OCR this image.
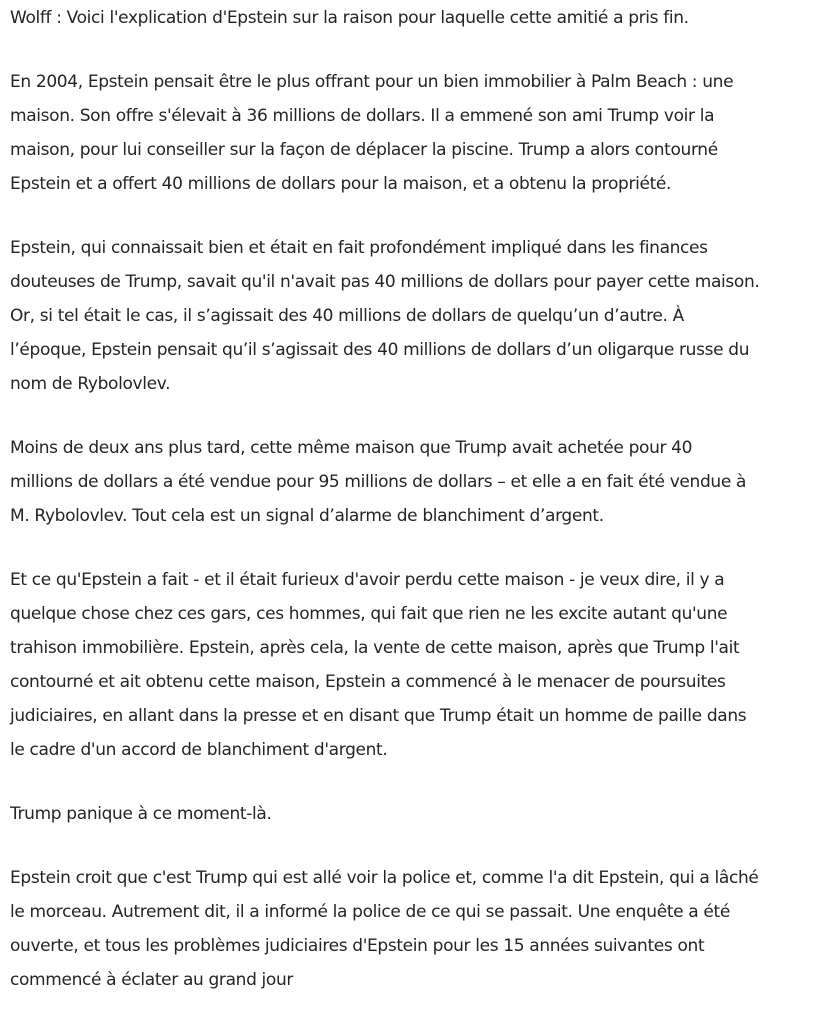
Wolff : Voici l'explication d'Epstein sur la raison pour laquelle cette amitié a pris fin.
En 2004, Epstein pensait être le plus offrant pour un bien immobilier à Palm Beach : une
maison. Son offre s'élevait à 36 millions de dollars. Il a emmené son ami Trump voir la
maison, pour lui conseiller sur la façon de déplacer la piscine. Trump a alors contourné
Epstein et a offert 40 millions de dollars pour la maison, et a obtenu la propriété.
Epstein, qui connaissait bien et était en fait profondément impliqué dans les finances
douteuses de Trump, savait qu'il n'avait pas 40 millions de dollars pour payer cette maison.
Or, si tel était le cas, il s’agissait des 40 millions de dollars de quelqu’un d’autre. À
l’époque, Epstein pensait qu’il s’agissait des 40 millions de dollars d’un oligarque russe du
nom de Rybolovlev.
Moins de deux ans plus tard, cette même maison que Trump avait achetée pour 40
millions de dollars a été vendue pour 95 millions de dollars – et elle a en fait été vendue à
M. Rybolovlev. Tout cela est un signal d’alarme de blanchiment d’argent.
Et ce qu'Epstein a fait - et il était furieux d'avoir perdu cette maison - je veux dire, il y a
quelque chose chez ces gars, ces hommes, qui fait que rien ne les excite autant qu'une
trahison immobilière. Epstein, après cela, la vente de cette maison, après que Trump l'ait
contourné et ait obtenu cette maison, Epstein a commencé à le menacer de poursuites
judiciaires, en allant dans la presse et en disant que Trump était un homme de paille dans
le cadre d'un accord de blanchiment d'argent.
Trump panique à ce moment-là.
Epstein croit que c'est Trump qui est allé voir la police et, comme l'a dit Epstein, qui a lâché
le morceau. Autrement dit, il a informé la police de ce qui se passait. Une enquête a été
ouverte, et tous les problèmes judiciaires d'Epstein pour les 15 années suivantes ont
commencé à éclater au grand jour
